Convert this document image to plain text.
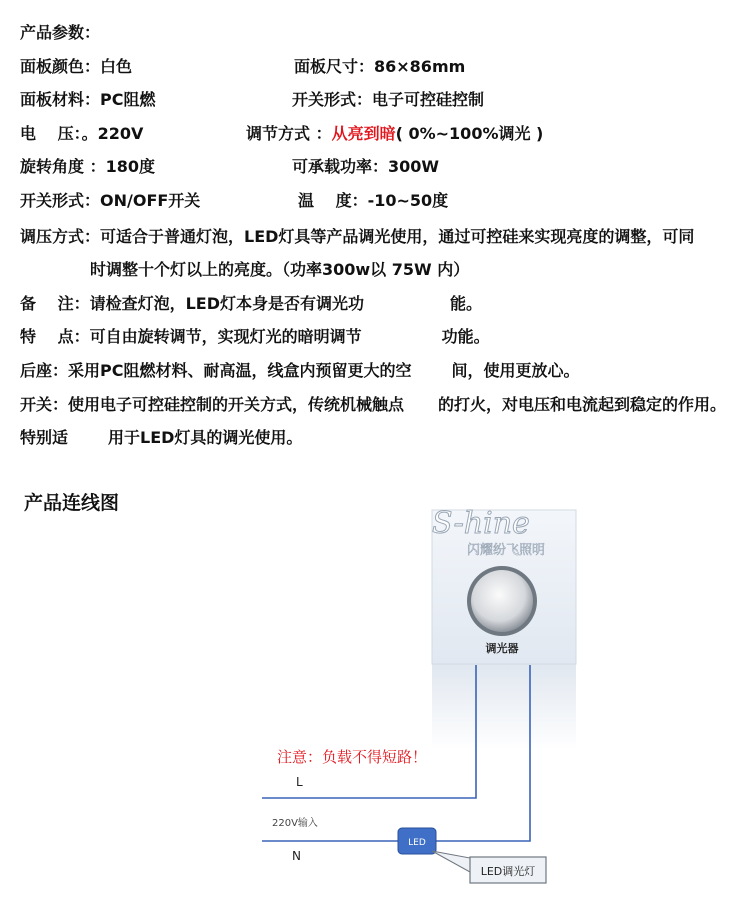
产品参数：
面板颜色：白色	面板尺寸：86×86mm
面板材料：PC阻燃	开关形式：电子可控硅控制
电　 压：。220V	调节方式 ：从亮到暗( 0%~100%调光 )
旋转角度 ：180度	可承载功率：300W
开关形式：ON/OFF开关	温　 度：-10~50度
调压方式：可适合于普通灯泡，LED灯具等产品调光使用，通过可控硅来实现亮度的调整，可同时调整十个灯以上的亮度。（功率300w以 75W 内）
备　 注：请检查灯泡，LED灯本身是否有调光功	能。
特　 点：可自由旋转调节，实现灯光的暗明调节	功能。
后座：采用PC阻燃材料、耐高温，线盒内预留更大的空	间，使用更放心。
开关：使用电子可控硅控制的开关方式，传统机械触点 的打火，对电压和电流起到稳定的作用。特别适	用于LED灯具的调光使用。
产品连线图
S-hine
闪耀纷飞照明
调光器
注意：负载不得短路！
L
220V输入
N
LED
LED调光灯
